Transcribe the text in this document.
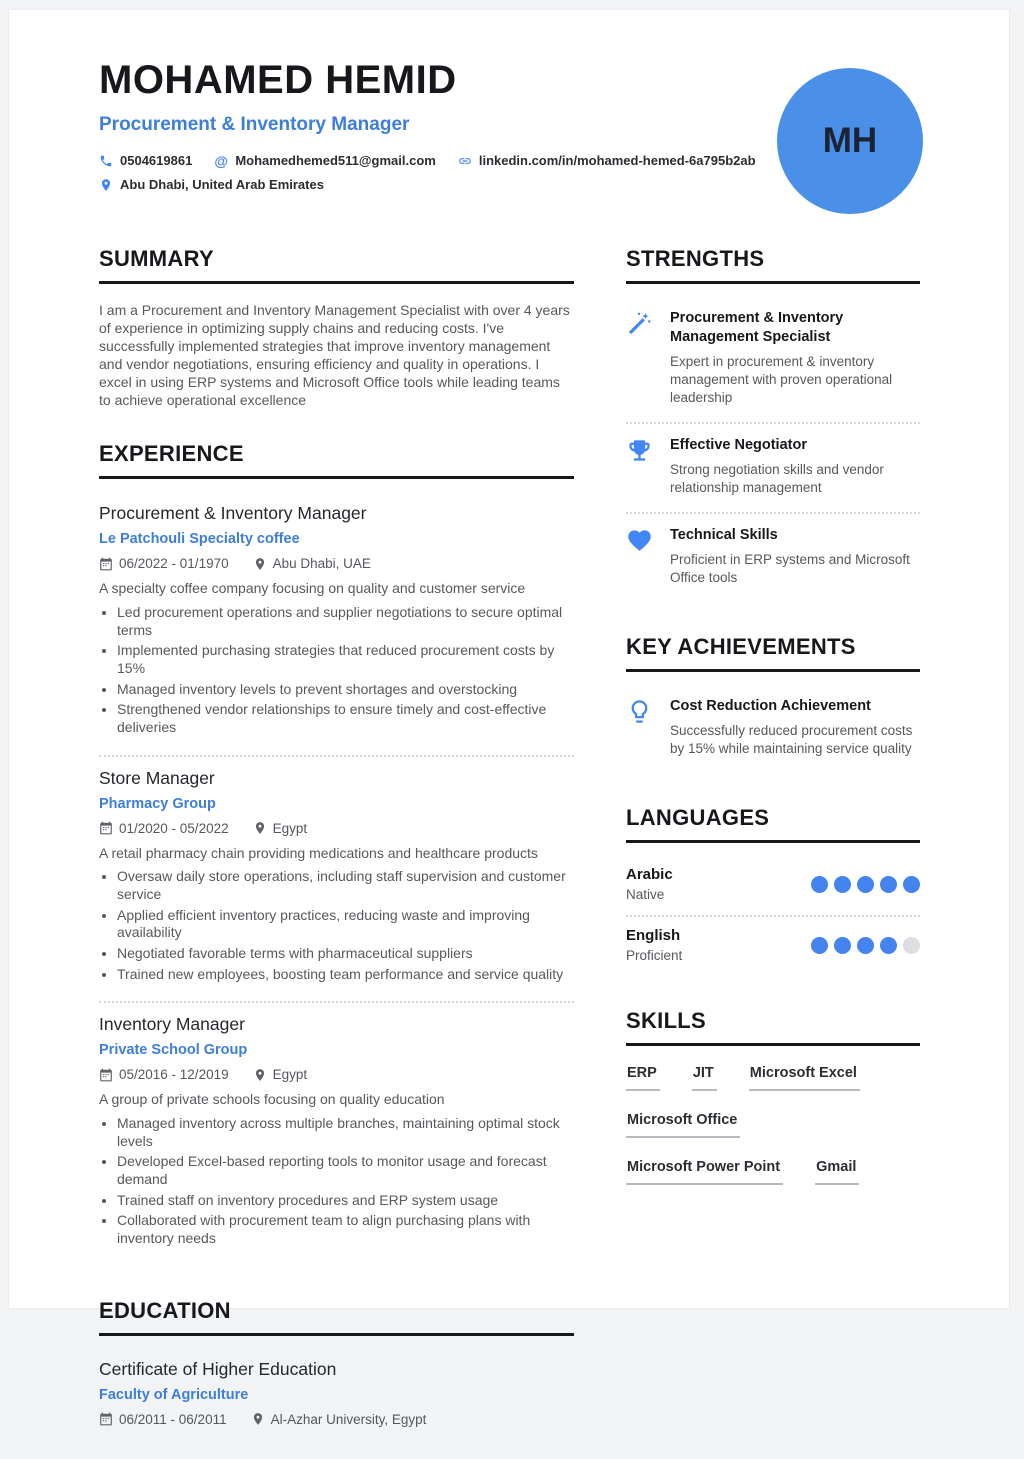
MOHAMED HEMID
Procurement & Inventory Manager
0504619861 @ Mohamedhemed511@gmail.com	linkedin.com/in/mohamed-hemed-6a795b2ab
Abu Dhabi, United Arab Emirates
MH
SUMMARY
I am a Procurement and Inventory Management Specialist with over 4 years of experience in optimizing supply chains and reducing costs. I've successfully implemented strategies that improve inventory management and vendor negotiations, ensuring efficiency and quality in operations. I excel in using ERP systems and Microsoft Office tools while leading teams to achieve operational excellence
EXPERIENCE
Procurement & Inventory Manager
Le Patchouli Specialty coffee
06/2022 - 01/1970	Abu Dhabi, UAE
A specialty coffee company focusing on quality and customer service
• Led procurement operations and supplier negotiations to secure optimal terms
• Implemented purchasing strategies that reduced procurement costs by 15%
• Managed inventory levels to prevent shortages and overstocking
• Strengthened vendor relationships to ensure timely and cost-effective deliveries
Store Manager
Pharmacy Group
01/2020 - 05/2022	Egypt
A retail pharmacy chain providing medications and healthcare products
• Oversaw daily store operations, including staff supervision and customer service
• Applied efficient inventory practices, reducing waste and improving availability
• Negotiated favorable terms with pharmaceutical suppliers
• Trained new employees, boosting team performance and service quality
Inventory Manager
Private School Group
05/2016 - 12/2019	Egypt
A group of private schools focusing on quality education
• Managed inventory across multiple branches, maintaining optimal stock levels
• Developed Excel-based reporting tools to monitor usage and forecast demand
• Trained staff on inventory procedures and ERP system usage
• Collaborated with procurement team to align purchasing plans with inventory needs
EDUCATION
Certificate of Higher Education
Faculty of Agriculture
06/2011 - 06/2011	Al-Azhar University, Egypt
STRENGTHS
Procurement & Inventory Management Specialist
Expert in procurement & inventory management with proven operational leadership
Effective Negotiator
Strong negotiation skills and vendor relationship management
Technical Skills
Proficient in ERP systems and Microsoft Office tools
KEY ACHIEVEMENTS
Cost Reduction Achievement
Successfully reduced procurement costs by 15% while maintaining service quality
LANGUAGES
Arabic
Native
English
Proficient
SKILLS
ERP JIT Microsoft Excel
Microsoft Office
Microsoft Power Point Gmail
